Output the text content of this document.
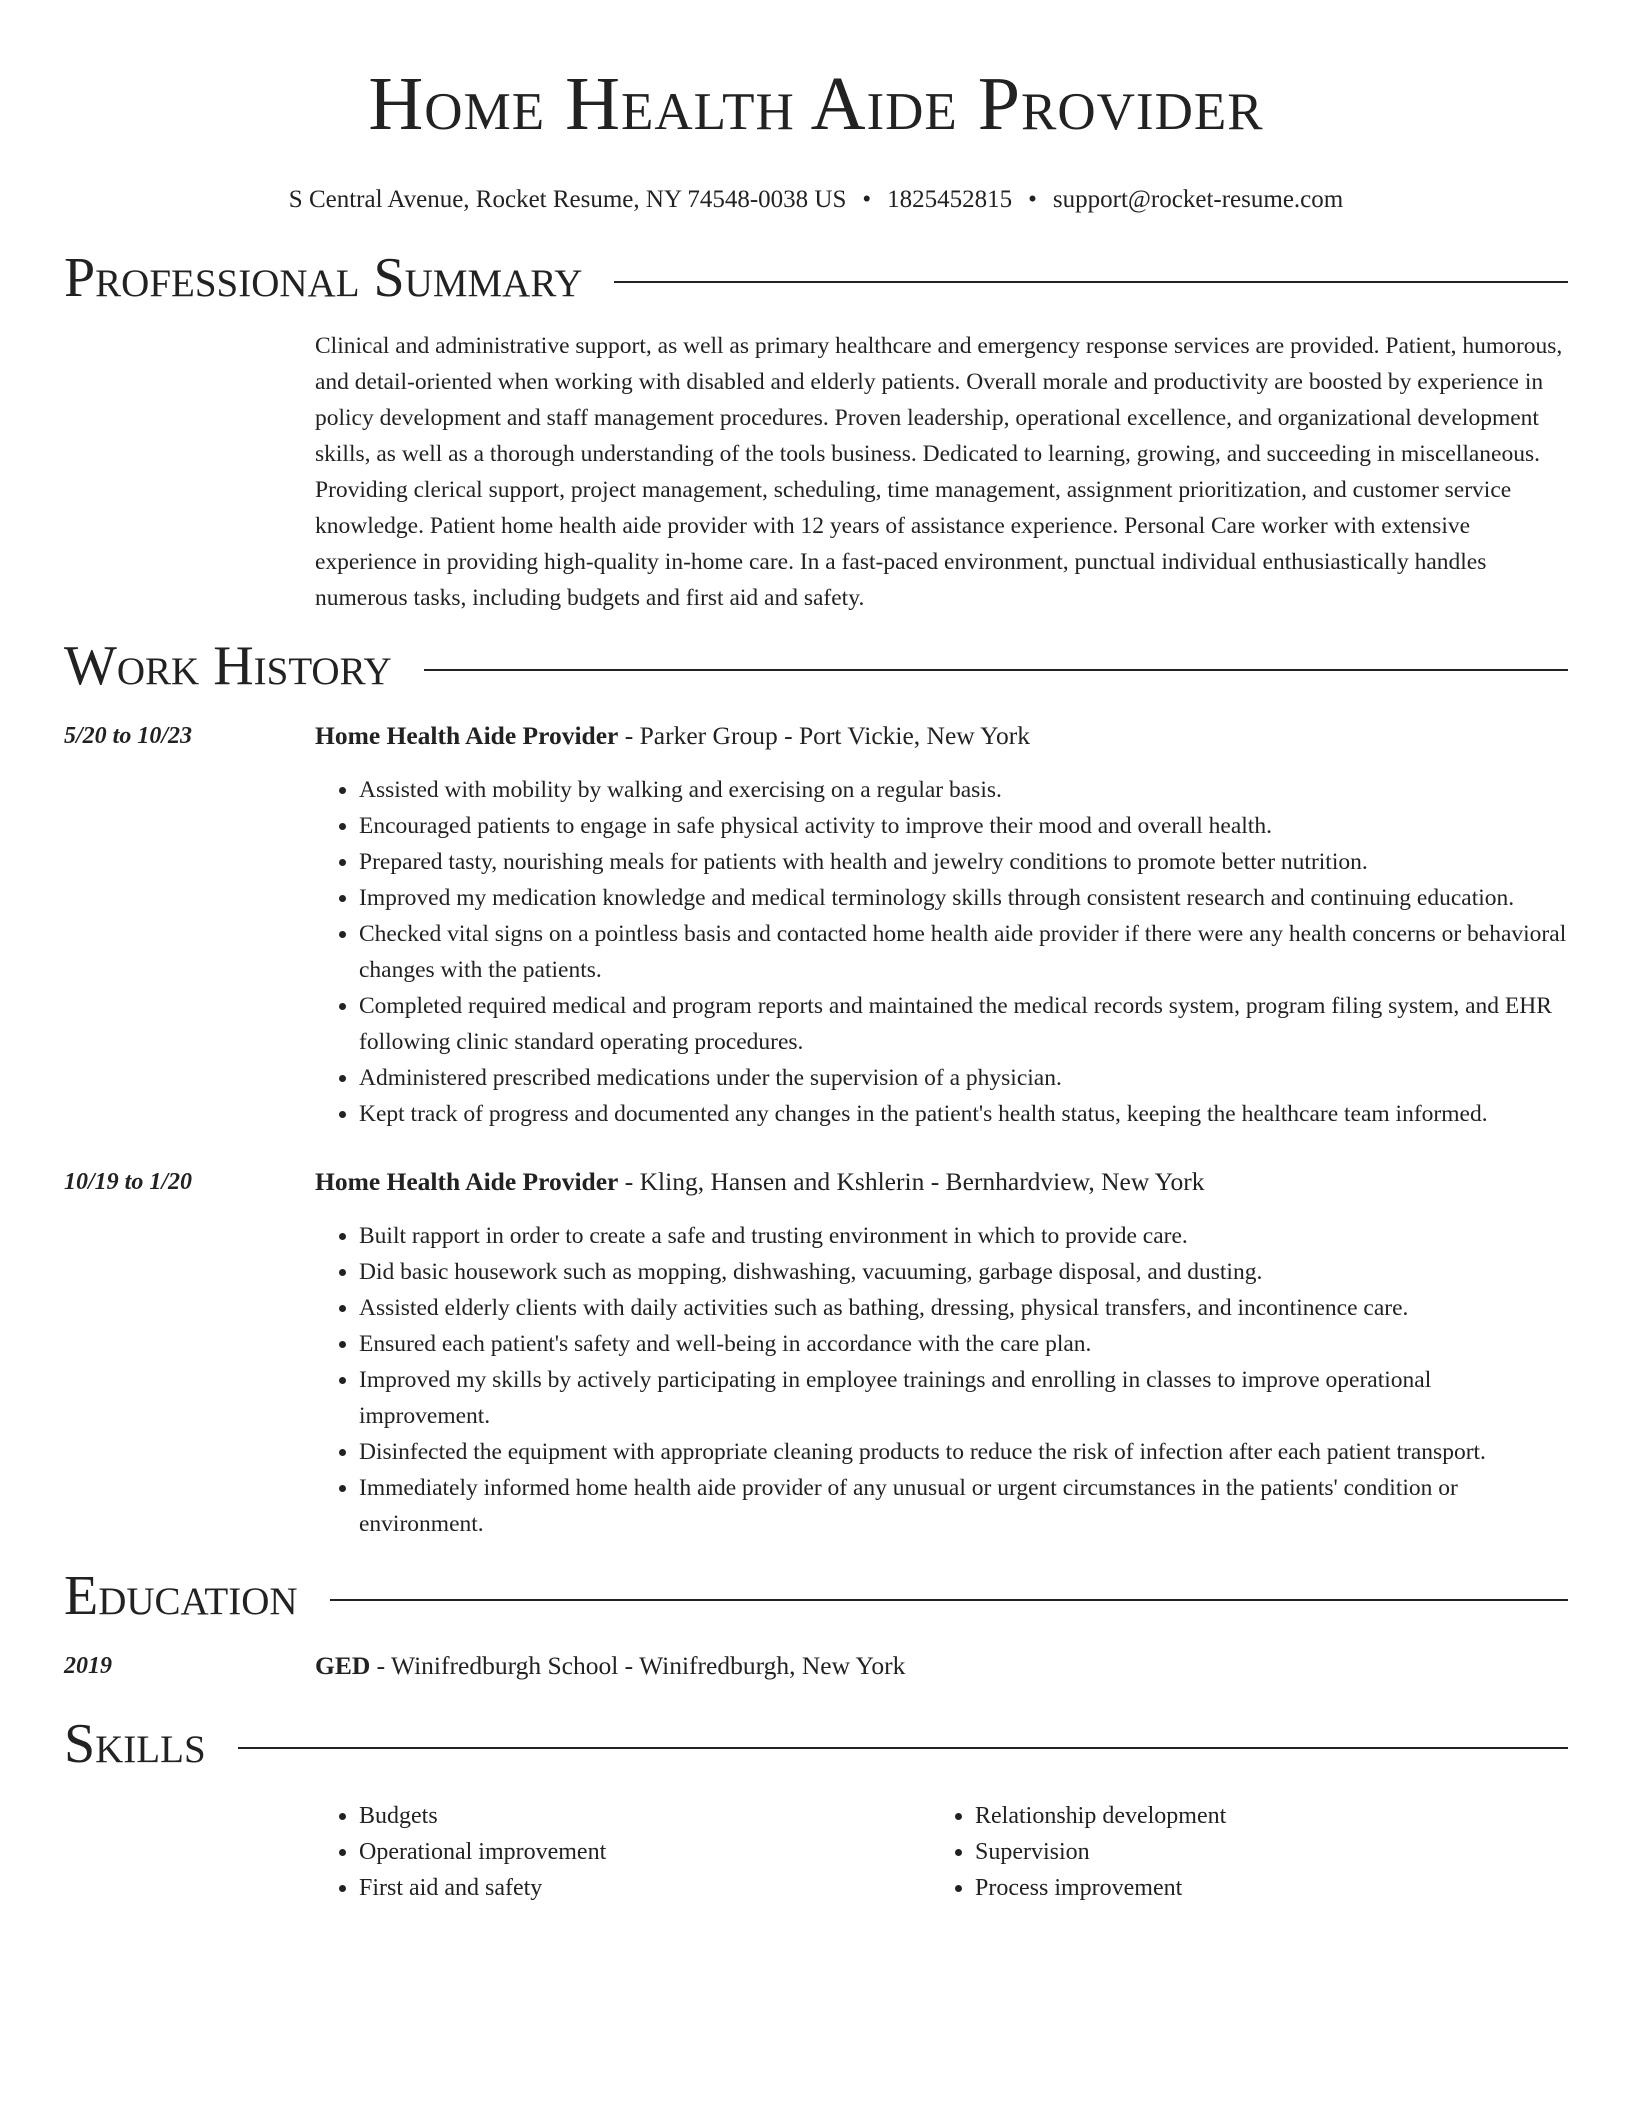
Home Health Aide Provider
S Central Avenue, Rocket Resume, NY 74548-0038 US • 1825452815 • support@rocket-resume.com
Professional Summary
Clinical and administrative support, as well as primary healthcare and emergency response services are provided. Patient, humorous, and detail-oriented when working with disabled and elderly patients. Overall morale and productivity are boosted by experience in policy development and staff management procedures. Proven leadership, operational excellence, and organizational development skills, as well as a thorough understanding of the tools business. Dedicated to learning, growing, and succeeding in miscellaneous. Providing clerical support, project management, scheduling, time management, assignment prioritization, and customer service knowledge. Patient home health aide provider with 12 years of assistance experience. Personal Care worker with extensive experience in providing high-quality in-home care. In a fast-paced environment, punctual individual enthusiastically handles numerous tasks, including budgets and first aid and safety.
Work History
5/20 to 10/23	Home Health Aide Provider - Parker Group - Port Vickie, New York
• Assisted with mobility by walking and exercising on a regular basis.
• Encouraged patients to engage in safe physical activity to improve their mood and overall health.
• Prepared tasty, nourishing meals for patients with health and jewelry conditions to promote better nutrition.
• Improved my medication knowledge and medical terminology skills through consistent research and continuing education.
• Checked vital signs on a pointless basis and contacted home health aide provider if there were any health concerns or behavioral changes with the patients.
• Completed required medical and program reports and maintained the medical records system, program filing system, and EHR following clinic standard operating procedures.
• Administered prescribed medications under the supervision of a physician.
• Kept track of progress and documented any changes in the patient's health status, keeping the healthcare team informed.
10/19 to 1/20	Home Health Aide Provider - Kling, Hansen and Kshlerin - Bernhardview, New York
• Built rapport in order to create a safe and trusting environment in which to provide care.
• Did basic housework such as mopping, dishwashing, vacuuming, garbage disposal, and dusting.
• Assisted elderly clients with daily activities such as bathing, dressing, physical transfers, and incontinence care.
• Ensured each patient's safety and well-being in accordance with the care plan.
• Improved my skills by actively participating in employee trainings and enrolling in classes to improve operational improvement.
• Disinfected the equipment with appropriate cleaning products to reduce the risk of infection after each patient transport.
• Immediately informed home health aide provider of any unusual or urgent circumstances in the patients' condition or environment.
Education
2019	GED - Winifredburgh School - Winifredburgh, New York
Skills
• Budgets
• Operational improvement
• First aid and safety
• Relationship development
• Supervision
• Process improvement
